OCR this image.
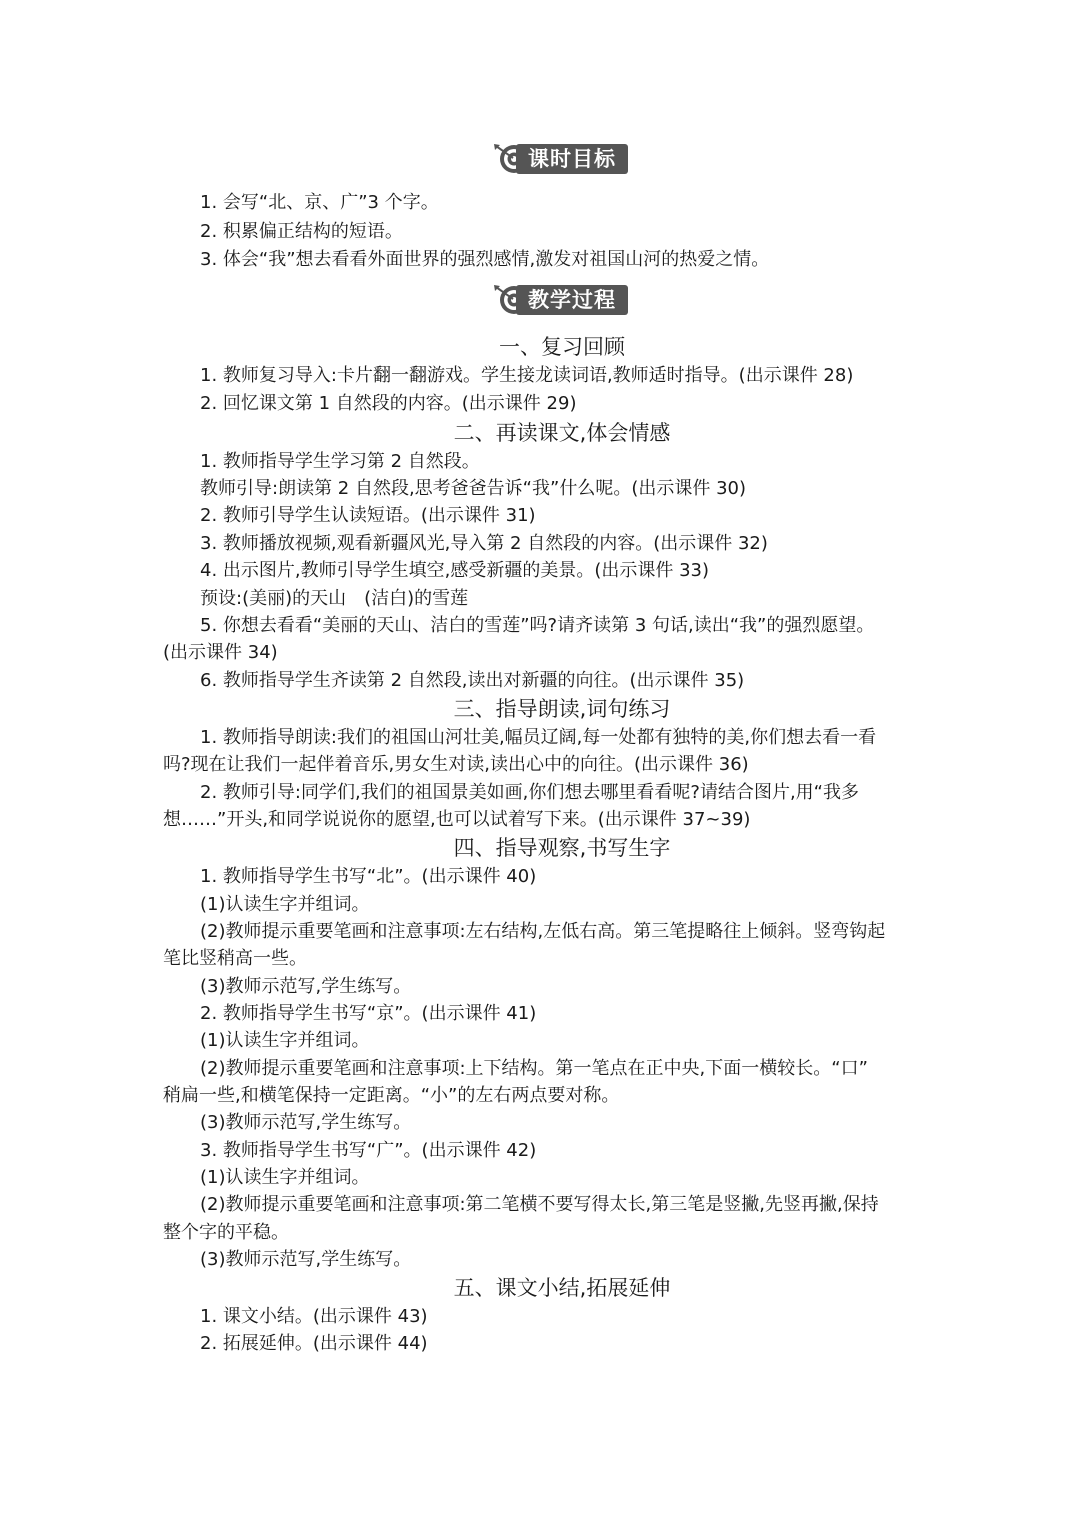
课时目标
1. 会写“北、京、广”3 个字。
2. 积累偏正结构的短语。
3. 体会“我”想去看看外面世界的强烈感情,激发对祖国山河的热爱之情。
教学过程
一、复习回顾
1. 教师复习导入:卡片翻一翻游戏。学生接龙读词语,教师适时指导。(出示课件 28)
2. 回忆课文第 1 自然段的内容。(出示课件 29)
二、再读课文,体会情感
1. 教师指导学生学习第 2 自然段。
教师引导:朗读第 2 自然段,思考爸爸告诉“我”什么呢。(出示课件 30)
2. 教师引导学生认读短语。(出示课件 31)
3. 教师播放视频,观看新疆风光,导入第 2 自然段的内容。(出示课件 32)
4. 出示图片,教师引导学生填空,感受新疆的美景。(出示课件 33)
预设:(美丽)的天山　(洁白)的雪莲
5. 你想去看看“美丽的天山、洁白的雪莲”吗?请齐读第 3 句话,读出“我”的强烈愿望。
(出示课件 34)
6. 教师指导学生齐读第 2 自然段,读出对新疆的向往。(出示课件 35)
三、指导朗读,词句练习
1. 教师指导朗读:我们的祖国山河壮美,幅员辽阔,每一处都有独特的美,你们想去看一看
吗?现在让我们一起伴着音乐,男女生对读,读出心中的向往。(出示课件 36)
2. 教师引导:同学们,我们的祖国景美如画,你们想去哪里看看呢?请结合图片,用“我多
想……”开头,和同学说说你的愿望,也可以试着写下来。(出示课件 37~39)
四、指导观察,书写生字
1. 教师指导学生书写“北”。(出示课件 40)
(1)认读生字并组词。
(2)教师提示重要笔画和注意事项:左右结构,左低右高。第三笔提略往上倾斜。竖弯钩起
笔比竖稍高一些。
(3)教师示范写,学生练写。
2. 教师指导学生书写“京”。(出示课件 41)
(1)认读生字并组词。
(2)教师提示重要笔画和注意事项:上下结构。第一笔点在正中央,下面一横较长。“口”
稍扁一些,和横笔保持一定距离。“小”的左右两点要对称。
(3)教师示范写,学生练写。
3. 教师指导学生书写“广”。(出示课件 42)
(1)认读生字并组词。
(2)教师提示重要笔画和注意事项:第二笔横不要写得太长,第三笔是竖撇,先竖再撇,保持
整个字的平稳。
(3)教师示范写,学生练写。
五、课文小结,拓展延伸
1. 课文小结。(出示课件 43)
2. 拓展延伸。(出示课件 44)
